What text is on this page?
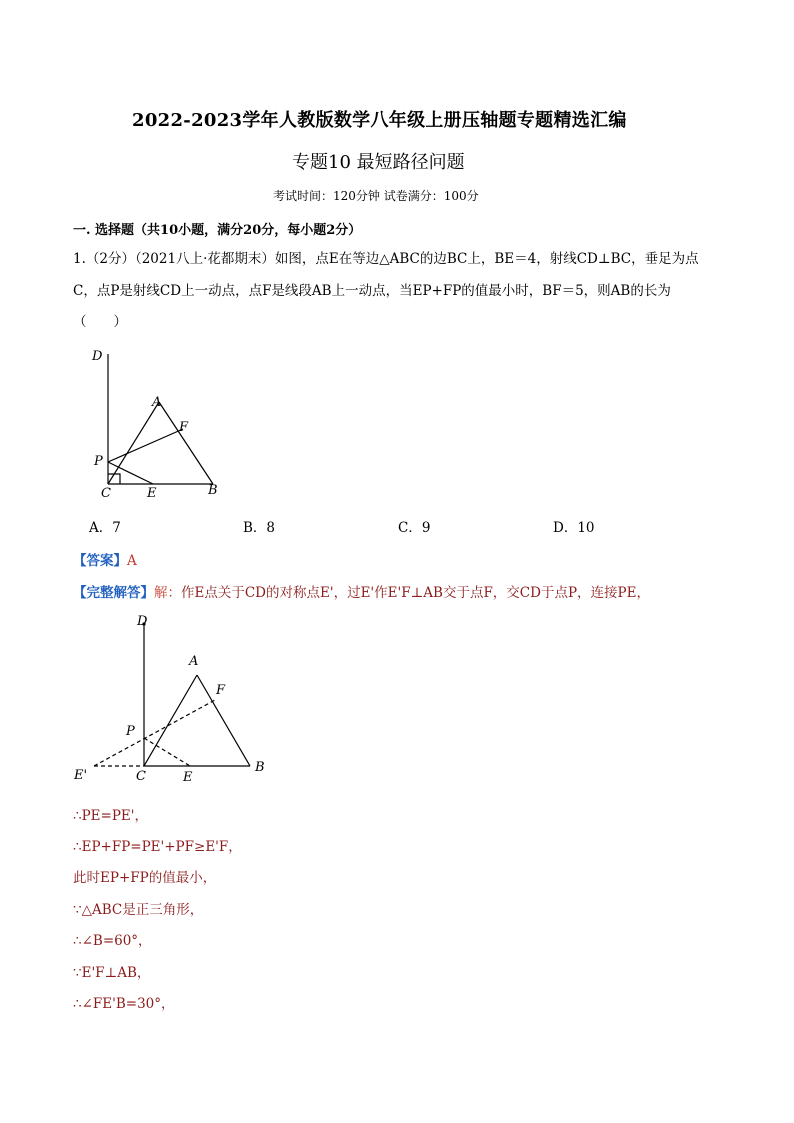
2022-2023学年人教版数学八年级上册压轴题专题精选汇编
专题10 最短路径问题
考试时间：120分钟 试卷满分：100分
一. 选择题（共10小题，满分20分，每小题2分）
1.（2分）（2021八上·花都期末）如图，点E在等边△ABC的边BC上，BE＝4，射线CD⊥BC，垂足为点
C，点P是射线CD上一动点，点F是线段AB上一动点，当EP+FP的值最小时，BF＝5，则AB的长为
（　　）
D
A
F
P
C	E	B
A．7	B．8	C．9	D．10
【答案】A
【完整解答】解：作E点关于CD的对称点E'，过E'作E'F⊥AB交于点F，交CD于点P，连接PE，
D
A
F
P
E'	C	E
B
∴PE=PE'，
∴EP+FP=PE'+PF≥E'F，
此时EP+FP的值最小，
∵△ABC是正三角形，
∴∠B=60°，
∵E'F⊥AB，
∴∠FE'B=30°，
